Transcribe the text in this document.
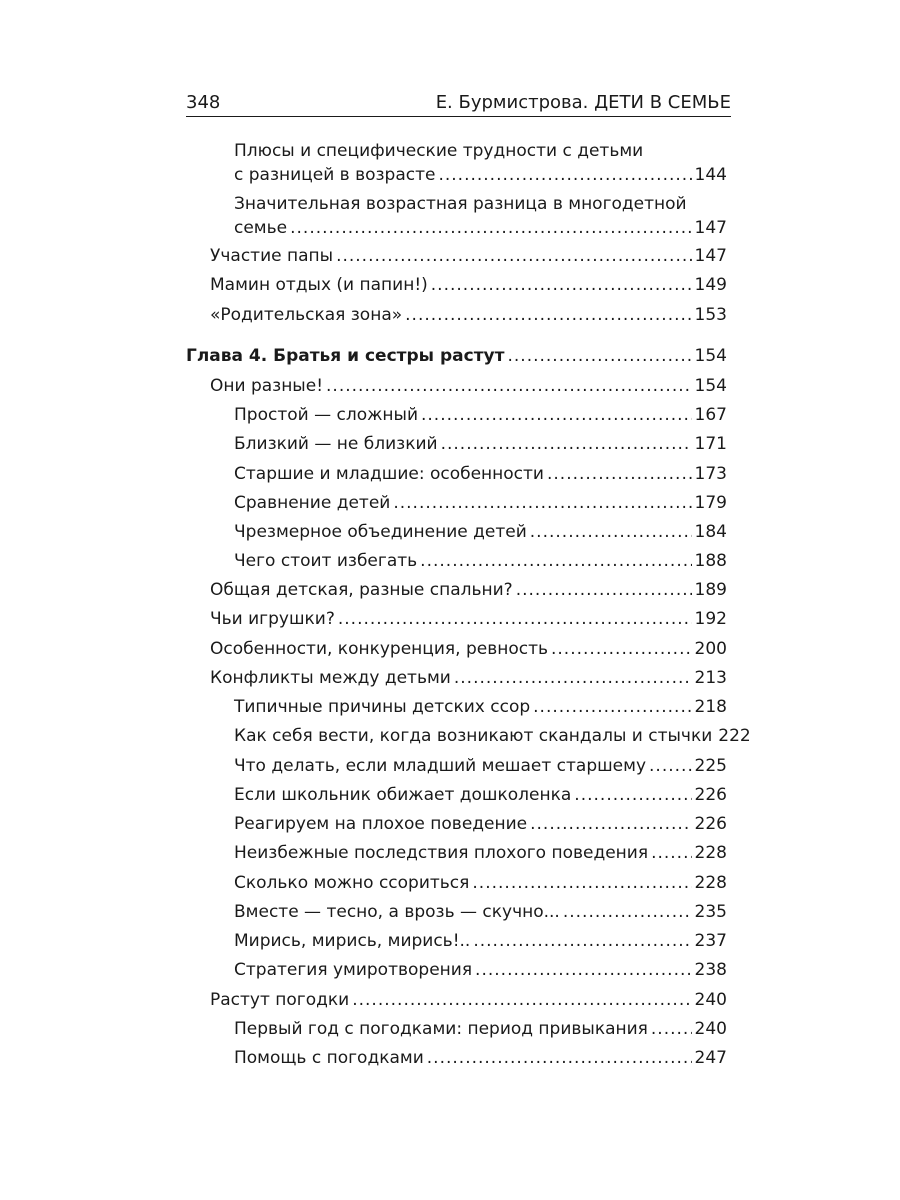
348	Е. Бурмистрова. ДЕТИ В СЕМЬЕ
Плюсы и специфические трудности с детьми
с разницей в возрасте .....	144
Значительная возрастная разница в многодетной
семье .....	147
Участие папы .....	147
Мамин отдых (и папин!) .....	149
«Родительская зона» .....	153
Глава 4. Братья и сестры растут .....	154
Они разные! .....	154
Простой — сложный .....	167
Близкий — не близкий .....	171
Старшие и младшие: особенности .....	173
Сравнение детей .....	179
Чрезмерное объединение детей .....	184
Чего стоит избегать .....	188
Общая детская, разные спальни? .....	189
Чьи игрушки? .....	192
Особенности, конкуренция, ревность .....	200
Конфликты между детьми .....	213
Типичные причины детских ссор .....	218
Как себя вести, когда возникают скандалы и стычки 222
Что делать, если младший мешает старшему .....	225
Если школьник обижает дошколенка .....	226
Реагируем на плохое поведение .....	226
Неизбежные последствия плохого поведения .....	228
Сколько можно ссориться .....	228
Вместе — тесно, а врозь — скучно... .....	235
Мирись, мирись, мирись!.. .....	237
Стратегия умиротворения .....	238
Растут погодки .....	240
Первый год с погодками: период привыкания .....	240
Помощь с погодками .....	247
